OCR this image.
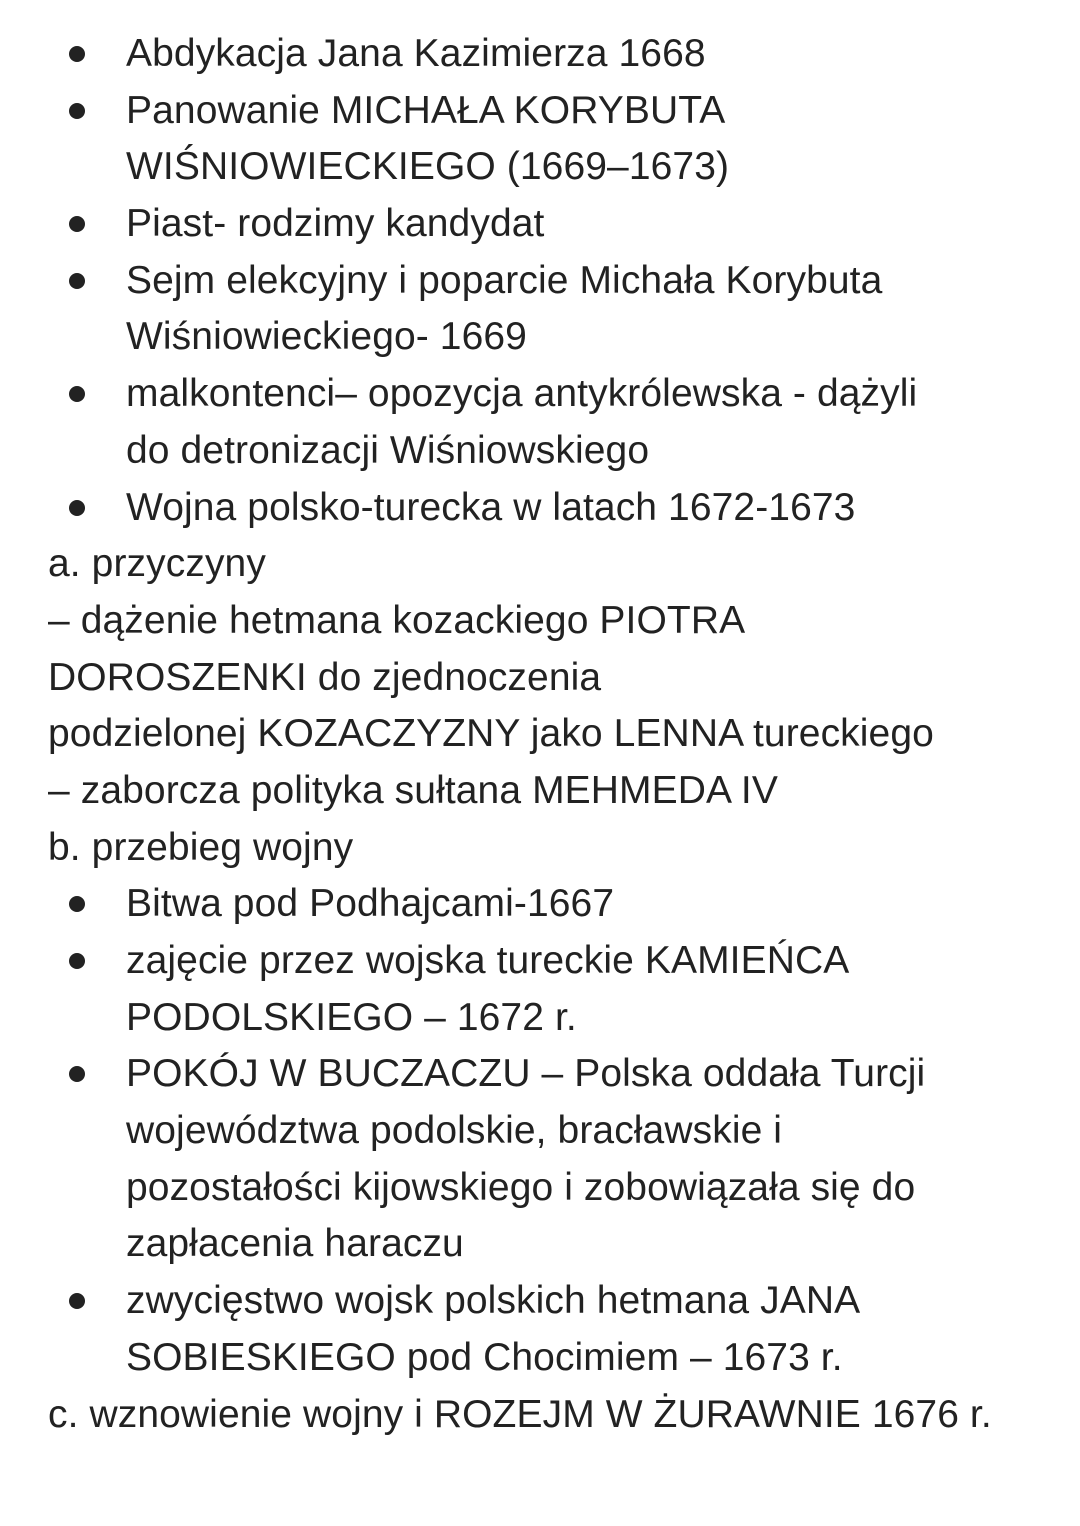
Abdykacja Jana Kazimierza 1668
Panowanie MICHAŁA KORYBUTA
WIŚNIOWIECKIEGO (1669–1673)
Piast- rodzimy kandydat
Sejm elekcyjny i poparcie Michała Korybuta
Wiśniowieckiego- 1669
malkontenci– opozycja antykrólewska - dążyli
do detronizacji Wiśniowskiego
Wojna polsko-turecka w latach 1672-1673
a. przyczyny
– dążenie hetmana kozackiego PIOTRA
DOROSZENKI do zjednoczenia
podzielonej KOZACZYZNY jako LENNA tureckiego
– zaborcza polityka sułtana MEHMEDA IV
b. przebieg wojny
Bitwa pod Podhajcami-1667
zajęcie przez wojska tureckie KAMIEŃCA
PODOLSKIEGO – 1672 r.
POKÓJ W BUCZACZU – Polska oddała Turcji
województwa podolskie, bracławskie i
pozostałości kijowskiego i zobowiązała się do
zapłacenia haraczu
zwycięstwo wojsk polskich hetmana JANA
SOBIESKIEGO pod Chocimiem – 1673 r.
c. wznowienie wojny i ROZEJM W ŻURAWNIE 1676 r.
